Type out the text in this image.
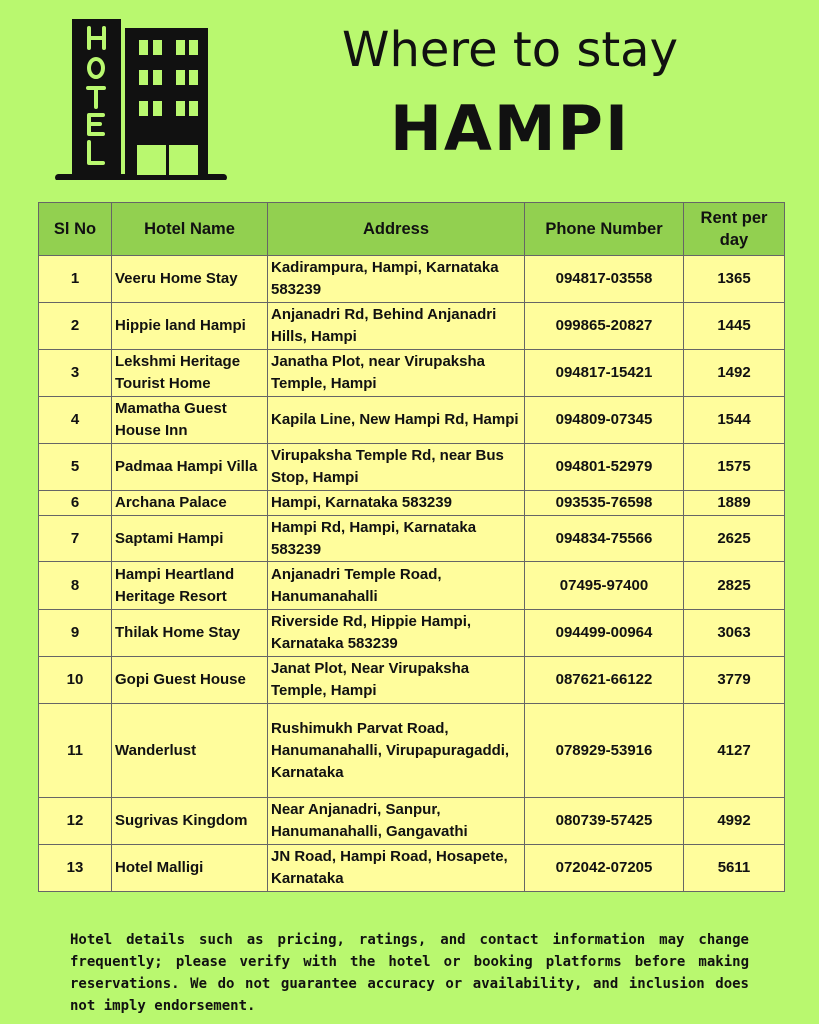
Where to stay
HAMPI
Sl No	Hotel Name	Address	Phone Number	Rent per day
1	Veeru Home Stay	Kadirampura, Hampi, Karnataka 583239	094817-03558	1365
2	Hippie land Hampi	Anjanadri Rd, Behind Anjanadri Hills, Hampi	099865-20827	1445
3	Lekshmi Heritage Tourist Home	Janatha Plot, near Virupaksha Temple, Hampi	094817-15421	1492
4	Mamatha Guest House Inn	Kapila Line, New Hampi Rd, Hampi	094809-07345	1544
5	Padmaa Hampi Villa	Virupaksha Temple Rd, near Bus Stop, Hampi	094801-52979	1575
6	Archana Palace	Hampi, Karnataka 583239	093535-76598	1889
7	Saptami Hampi	Hampi Rd, Hampi, Karnataka 583239	094834-75566	2625
8	Hampi Heartland Heritage Resort	Anjanadri Temple Road, Hanumanahalli	07495-97400	2825
9	Thilak Home Stay	Riverside Rd, Hippie Hampi, Karnataka 583239	094499-00964	3063
10	Gopi Guest House	Janat Plot, Near Virupaksha Temple, Hampi	087621-66122	3779
11	Wanderlust	Rushimukh Parvat Road, Hanumanahalli, Virupapuragaddi, Karnataka	078929-53916	4127
12	Sugrivas Kingdom	Near Anjanadri, Sanpur, Hanumanahalli, Gangavathi	080739-57425	4992
13	Hotel Malligi	JN Road, Hampi Road, Hosapete, Karnataka	072042-07205	5611
Hotel details such as pricing, ratings, and contact information may change frequently; please verify with the hotel or booking platforms before making reservations. We do not guarantee accuracy or availability, and inclusion does not imply endorsement.
